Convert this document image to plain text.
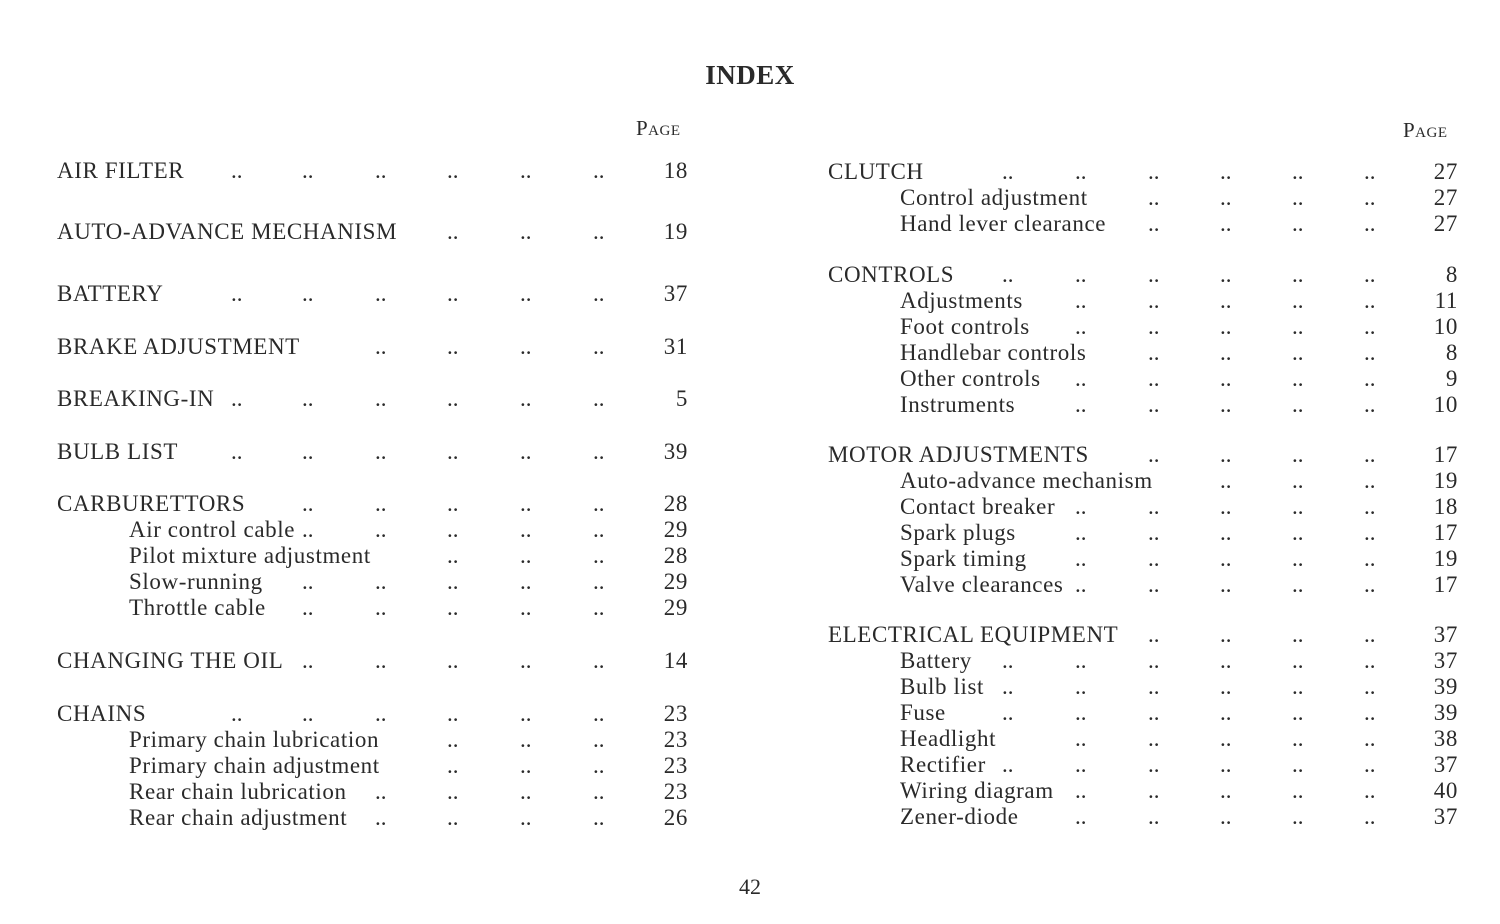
INDEX
Page	Page
AIR FILTER ..	..	..	..	..	..	18
AUTO-ADVANCE MECHANISM ..	..	..	19
BATTERY	..	..	..	..	..	..	37
BRAKE ADJUSTMENT	..	..	..	..	31
BREAKING-IN ..	..	..	..	..	..	5
BULB LIST ..	..	..	..	..	..	39
CARBURETTORS ..	..	..	..	..	28
Air control cable ..	..	..	..	..	29
Pilot mixture adjustment	..	..	..	28
Slow-running ..	..	..	..	..	29
Throttle cable ..	..	..	..	..	29
CHANGING THE OIL ..	..	..	..	..	14
CHAINS	..	..	..	..	..	..	23
Primary chain lubrication	..	..	..	23
Primary chain adjustment	..	..	..	23
Rear chain lubrication ..	..	..	..	23
Rear chain adjustment ..	..	..	..	26
CLUTCH	..	..	..	..	..	..	27
Control adjustment	..	..	..	..	27
Hand lever clearance ..	..	..	..	27
CONTROLS ..	..	..	..	..	..	8
Adjustments ..	..	..	..	..	11
Foot controls ..	..	..	..	..	10
Handlebar controls	..	..	..	..	8
Other controls ..	..	..	..	..	9
Instruments	..	..	..	..	..	10
MOTOR ADJUSTMENTS	..	..	..	..	17
Auto-advance mechanism	..	..	..	19
Contact breaker ..	..	..	..	..	18
Spark plugs	..	..	..	..	..	17
Spark timing ..	..	..	..	..	19
Valve clearances ..	..	..	..	..	17
ELECTRICAL EQUIPMENT ..	..	..	..	37
Battery ..	..	..	..	..	..	37
Bulb list ..	..	..	..	..	..	39
Fuse ..	..	..	..	..	..	39
Headlight	..	..	..	..	..	38
Rectifier ..	..	..	..	..	..	37
Wiring diagram ..	..	..	..	..	40
Zener-diode ..	..	..	..	..	37
42
